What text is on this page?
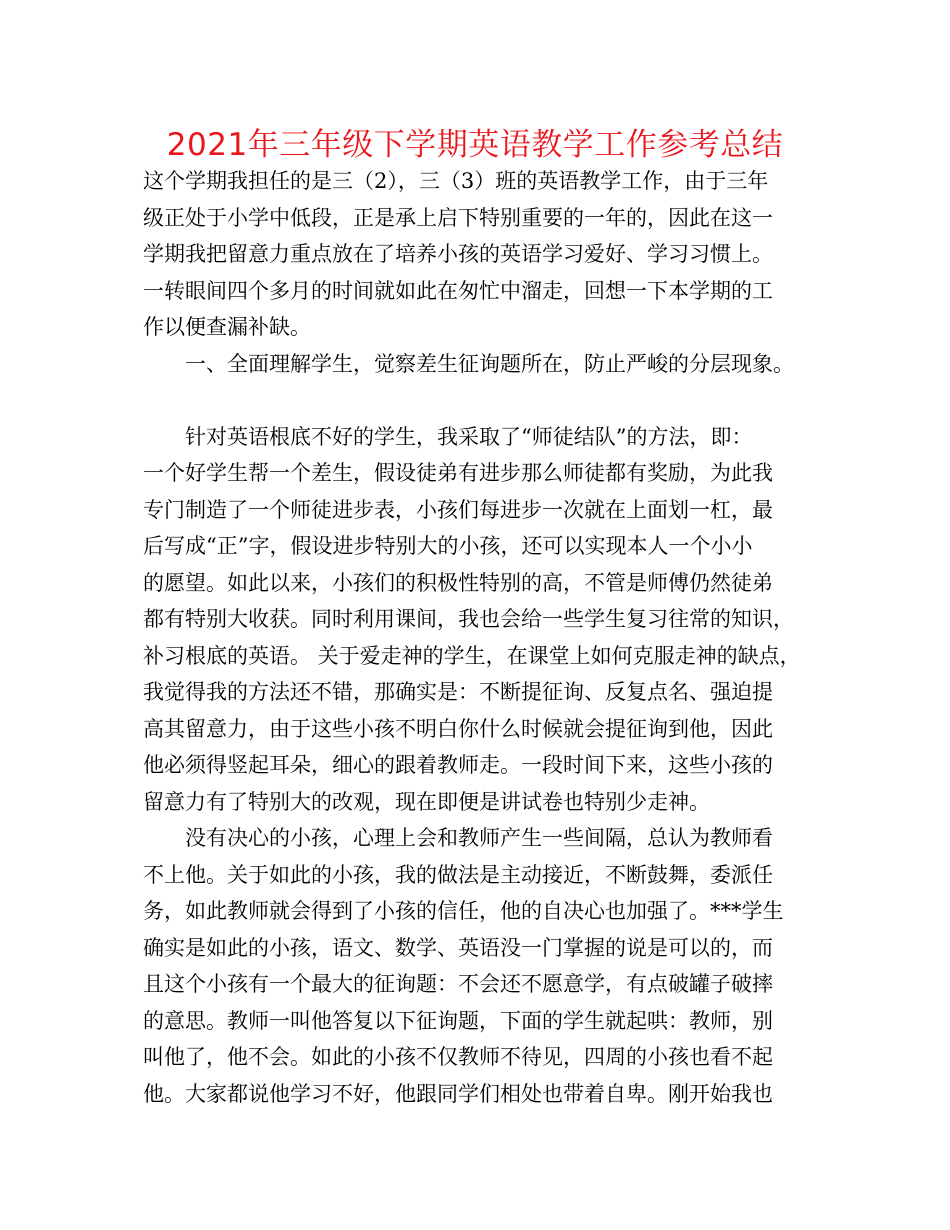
2021年三年级下学期英语教学工作参考总结
这个学期我担任的是三（2），三（3）班的英语教学工作，由于三年
级正处于小学中低段，正是承上启下特别重要的一年的，因此在这一
学期我把留意力重点放在了培养小孩的英语学习爱好、学习习惯上。
一转眼间四个多月的时间就如此在匆忙中溜走，回想一下本学期的工
作以便查漏补缺。
一、全面理解学生，觉察差生征询题所在，防止严峻的分层现象。
针对英语根底不好的学生，我采取了“师徒结队”的方法，即：
一个好学生帮一个差生，假设徒弟有进步那么师徒都有奖励，为此我
专门制造了一个师徒进步表，小孩们每进步一次就在上面划一杠，最
后写成“正”字，假设进步特别大的小孩，还可以实现本人一个小小
的愿望。如此以来，小孩们的积极性特别的高，不管是师傅仍然徒弟
都有特别大收获。同时利用课间，我也会给一些学生复习往常的知识，
补习根底的英语。 关于爱走神的学生，在课堂上如何克服走神的缺点，
我觉得我的方法还不错，那确实是：不断提征询、反复点名、强迫提
高其留意力，由于这些小孩不明白你什么时候就会提征询到他，因此
他必须得竖起耳朵，细心的跟着教师走。一段时间下来，这些小孩的
留意力有了特别大的改观，现在即便是讲试卷也特别少走神。
没有决心的小孩，心理上会和教师产生一些间隔，总认为教师看
不上他。关于如此的小孩，我的做法是主动接近，不断鼓舞，委派任
务，如此教师就会得到了小孩的信任，他的自决心也加强了。***学生
确实是如此的小孩，语文、数学、英语没一门掌握的说是可以的，而
且这个小孩有一个最大的征询题：不会还不愿意学，有点破罐子破摔
的意思。教师一叫他答复以下征询题，下面的学生就起哄：教师，别
叫他了，他不会。如此的小孩不仅教师不待见，四周的小孩也看不起
他。大家都说他学习不好，他跟同学们相处也带着自卑。刚开始我也
